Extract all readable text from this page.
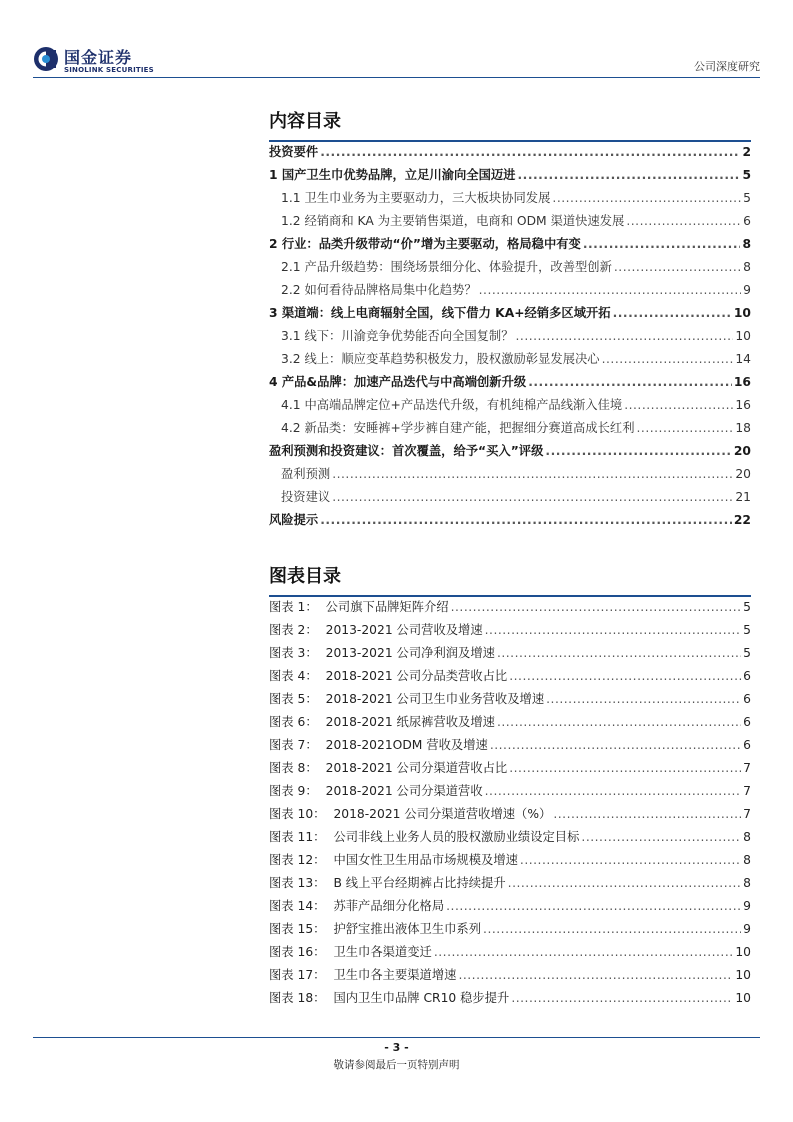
国金证券
SINOLINK SECURITIES	公司深度研究
内容目录
投资要件 .....	2
1 国产卫生巾优势品牌，立足川渝向全国迈进 .....	5
1.1 卫生巾业务为主要驱动力，三大板块协同发展 .....	5
1.2 经销商和 KA 为主要销售渠道，电商和 ODM 渠道快速发展 .....	6
2 行业：品类升级带动“价”增为主要驱动，格局稳中有变 .....	8
2.1 产品升级趋势：围绕场景细分化、体验提升，改善型创新 .....	8
2.2 如何看待品牌格局集中化趋势？ .....	9
3 渠道端：线上电商辐射全国，线下借力 KA+经销多区域开拓 .....	10
3.1 线下：川渝竞争优势能否向全国复制？ .....	10
3.2 线上：顺应变革趋势积极发力，股权激励彰显发展决心 .....	14
4 产品&品牌：加速产品迭代与中高端创新升级 .....	16
4.1 中高端品牌定位+产品迭代升级，有机纯棉产品线渐入佳境 .....	16
4.2 新品类：安睡裤+学步裤自建产能，把握细分赛道高成长红利 .....	18
盈利预测和投资建议：首次覆盖，给予“买入”评级 .....	20
盈利预测 .....	20
投资建议 .....	21
风险提示 .....	22
图表目录
图表 1： 公司旗下品牌矩阵介绍 .....	5
图表 2： 2013-2021 公司营收及增速 .....	5
图表 3： 2013-2021 公司净利润及增速 .....	5
图表 4： 2018-2021 公司分品类营收占比 .....	6
图表 5： 2018-2021 公司卫生巾业务营收及增速 .....	6
图表 6： 2018-2021 纸尿裤营收及增速 .....	6
图表 7： 2018-2021ODM 营收及增速 .....	6
图表 8： 2018-2021 公司分渠道营收占比 .....	7
图表 9： 2018-2021 公司分渠道营收 .....	7
图表 10： 2018-2021 公司分渠道营收增速（%） .....	7
图表 11： 公司非线上业务人员的股权激励业绩设定目标 .....	8
图表 12： 中国女性卫生用品市场规模及增速 .....	8
图表 13： B 线上平台经期裤占比持续提升 .....	8
图表 14： 苏菲产品细分化格局 .....	9
图表 15： 护舒宝推出液体卫生巾系列 .....	9
图表 16： 卫生巾各渠道变迁 .....	10
图表 17： 卫生巾各主要渠道增速 .....	10
图表 18： 国内卫生巾品牌 CR10 稳步提升 .....	10
- 3 -
敬请参阅最后一页特别声明
